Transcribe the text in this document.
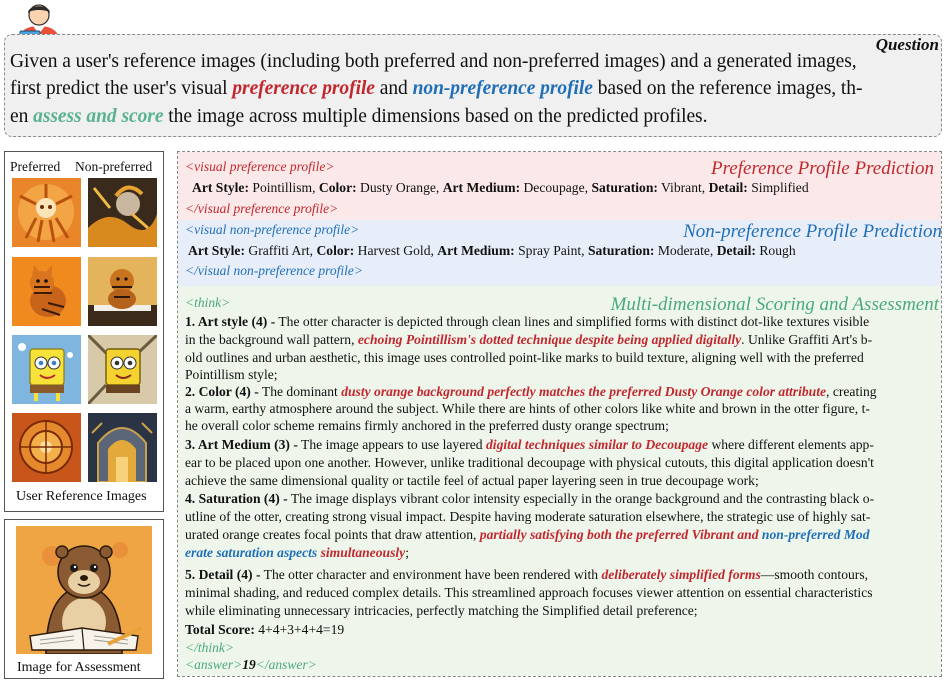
Question
Given a user's reference images (including both preferred and non-preferred images) and a generated images,
first predict the user's visual preference profile and non-preference profile based on the reference images, th-
en assess and score the image across multiple dimensions based on the predicted profiles.
Preferred Non-preferred
User Reference Images
Image for Assessment
<visual preference profile>	Preference Profile Prediction
Art Style: Pointillism, Color: Dusty Orange, Art Medium: Decoupage, Saturation: Vibrant, Detail: Simplified
</visual preference profile>
<visual non-preference profile>	Non-preference Profile Prediction
Art Style: Graffiti Art, Color: Harvest Gold, Art Medium: Spray Paint, Saturation: Moderate, Detail: Rough
</visual non-preference profile>
<think>	Multi-dimensional Scoring and Assessment
1. Art style (4) - The otter character is depicted through clean lines and simplified forms with distinct dot-like textures visible
in the background wall pattern, echoing Pointillism's dotted technique despite being applied digitally. Unlike Graffiti Art's b-
old outlines and urban aesthetic, this image uses controlled point-like marks to build texture, aligning well with the preferred
Pointillism style;
2. Color (4) - The dominant dusty orange background perfectly matches the preferred Dusty Orange color attribute, creating
a warm, earthy atmosphere around the subject. While there are hints of other colors like white and brown in the otter figure, t-
he overall color scheme remains firmly anchored in the preferred dusty orange spectrum;
3. Art Medium (3) - The image appears to use layered digital techniques similar to Decoupage where different elements app-
ear to be placed upon one another. However, unlike traditional decoupage with physical cutouts, this digital application doesn't
achieve the same dimensional quality or tactile feel of actual paper layering seen in true decoupage work;
4. Saturation (4) - The image displays vibrant color intensity especially in the orange background and the contrasting black o-
utline of the otter, creating strong visual impact. Despite having moderate saturation elsewhere, the strategic use of highly sat-
urated orange creates focal points that draw attention, partially satisfying both the preferred Vibrant and non-preferred Mod
erate saturation aspects simultaneously;
5. Detail (4) - The otter character and environment have been rendered with deliberately simplified forms—smooth contours,
minimal shading, and reduced complex details. This streamlined approach focuses viewer attention on essential characteristics
while eliminating unnecessary intricacies, perfectly matching the Simplified detail preference;
Total Score: 4+4+3+4+4=19
</think>
<answer>19</answer>
